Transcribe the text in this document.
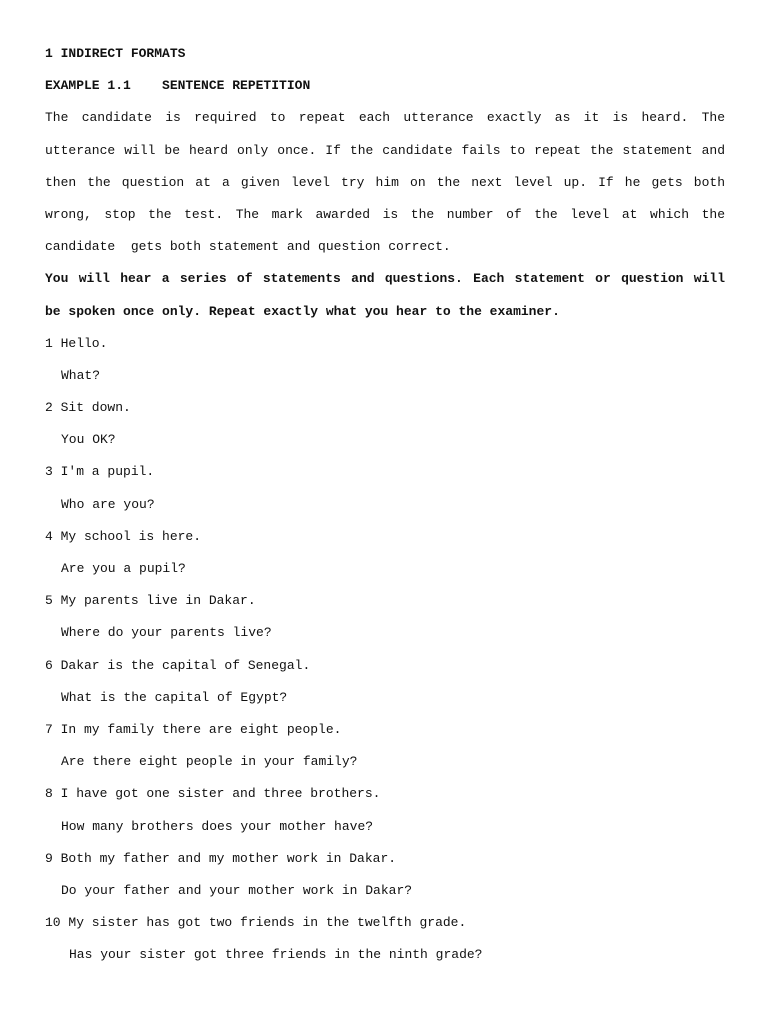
1 INDIRECT FORMATS
EXAMPLE 1.1    SENTENCE REPETITION
The candidate is required to repeat each utterance exactly as it is heard. The
utterance will be heard only once. If the candidate fails to repeat the statement and
then the question at a given level try him on the next level up. If he gets both
wrong, stop the test. The mark awarded is the number of the level at which the
candidate  gets both statement and question correct.
You will hear a series of statements and questions. Each statement or question will
be spoken once only. Repeat exactly what you hear to the examiner.
1 Hello.
What?
2 Sit down.
You OK?
3 I'm a pupil.
Who are you?
4 My school is here.
Are you a pupil?
5 My parents live in Dakar.
Where do your parents live?
6 Dakar is the capital of Senegal.
What is the capital of Egypt?
7 In my family there are eight people.
Are there eight people in your family?
8 I have got one sister and three brothers.
How many brothers does your mother have?
9 Both my father and my mother work in Dakar.
Do your father and your mother work in Dakar?
10 My sister has got two friends in the twelfth grade.
Has your sister got three friends in the ninth grade?
